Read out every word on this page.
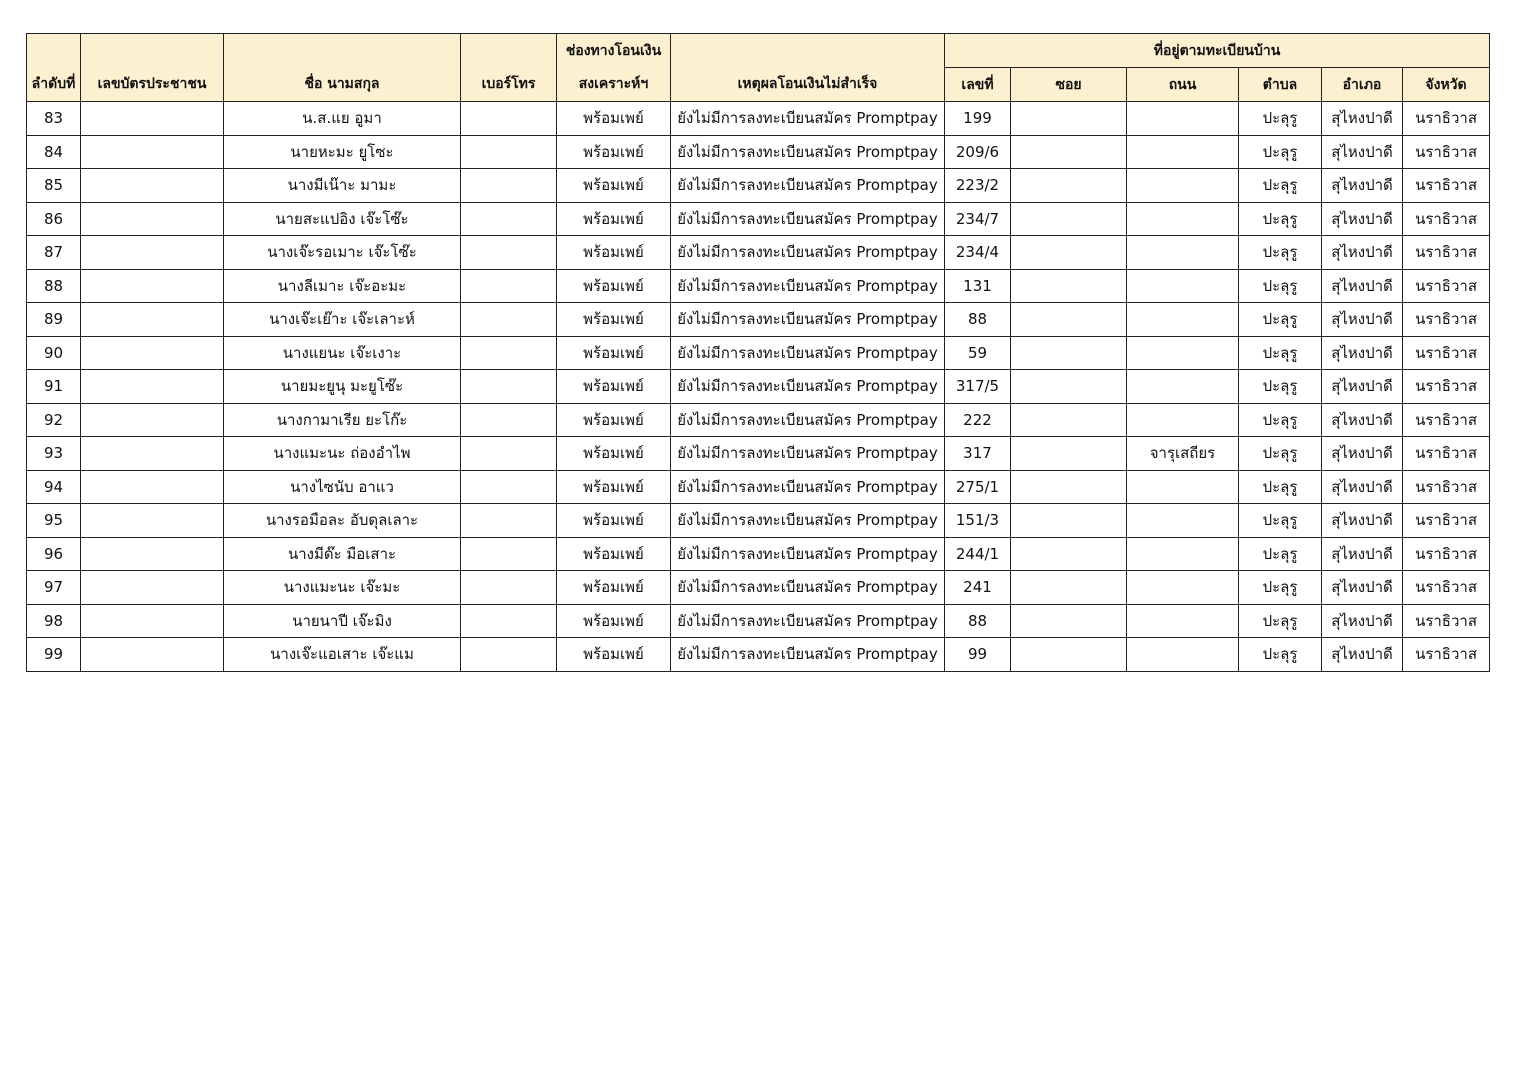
ลำดับที่	เลขบัตรประชาชน	ชื่อ นามสกุล	เบอร์โทร	ช่องทางโอนเงิน
สงเคราะห์ฯ	เหตุผลโอนเงินไม่สำเร็จ	ที่อยู่ตามทะเบียนบ้าน					
						เลขที่	ซอย	ถนน	ตำบล	อำเภอ	จังหวัด
83		น.ส.แย อูมา		พร้อมเพย์	ยังไม่มีการลงทะเบียนสมัคร Promptpay	199			ปะลุรู	สุไหงปาดี	นราธิวาส
84		นายหะมะ ยูโซะ		พร้อมเพย์	ยังไม่มีการลงทะเบียนสมัคร Promptpay	209/6			ปะลุรู	สุไหงปาดี	นราธิวาส
85		นางมีเน๊าะ มามะ		พร้อมเพย์	ยังไม่มีการลงทะเบียนสมัคร Promptpay	223/2			ปะลุรู	สุไหงปาดี	นราธิวาส
86		นายสะแปอิง เจ๊ะโซ๊ะ		พร้อมเพย์	ยังไม่มีการลงทะเบียนสมัคร Promptpay	234/7			ปะลุรู	สุไหงปาดี	นราธิวาส
87		นางเจ๊ะรอเมาะ เจ๊ะโซ๊ะ		พร้อมเพย์	ยังไม่มีการลงทะเบียนสมัคร Promptpay	234/4			ปะลุรู	สุไหงปาดี	นราธิวาส
88		นางลีเมาะ เจ๊ะอะมะ		พร้อมเพย์	ยังไม่มีการลงทะเบียนสมัคร Promptpay	131			ปะลุรู	สุไหงปาดี	นราธิวาส
89		นางเจ๊ะเย๊าะ เจ๊ะเลาะห์		พร้อมเพย์	ยังไม่มีการลงทะเบียนสมัคร Promptpay	88			ปะลุรู	สุไหงปาดี	นราธิวาส
90		นางแยนะ เจ๊ะเงาะ		พร้อมเพย์	ยังไม่มีการลงทะเบียนสมัคร Promptpay	59			ปะลุรู	สุไหงปาดี	นราธิวาส
91		นายมะยูนุ มะยูโซ๊ะ		พร้อมเพย์	ยังไม่มีการลงทะเบียนสมัคร Promptpay	317/5			ปะลุรู	สุไหงปาดี	นราธิวาส
92		นางกามาเรีย ยะโก๊ะ		พร้อมเพย์	ยังไม่มีการลงทะเบียนสมัคร Promptpay	222			ปะลุรู	สุไหงปาดี	นราธิวาส
93		นางแมะนะ ถ่องอำไพ		พร้อมเพย์	ยังไม่มีการลงทะเบียนสมัคร Promptpay	317		จารุเสถียร	ปะลุรู	สุไหงปาดี	นราธิวาส
94		นางไซนับ อาแว		พร้อมเพย์	ยังไม่มีการลงทะเบียนสมัคร Promptpay	275/1			ปะลุรู	สุไหงปาดี	นราธิวาส
95		นางรอมือละ อับดุลเลาะ		พร้อมเพย์	ยังไม่มีการลงทะเบียนสมัคร Promptpay	151/3			ปะลุรู	สุไหงปาดี	นราธิวาส
96		นางมีด๊ะ มือเสาะ		พร้อมเพย์	ยังไม่มีการลงทะเบียนสมัคร Promptpay	244/1			ปะลุรู	สุไหงปาดี	นราธิวาส
97		นางแมะนะ เจ๊ะมะ		พร้อมเพย์	ยังไม่มีการลงทะเบียนสมัคร Promptpay	241			ปะลุรู	สุไหงปาดี	นราธิวาส
98		นายนาปี เจ๊ะมิง		พร้อมเพย์	ยังไม่มีการลงทะเบียนสมัคร Promptpay	88			ปะลุรู	สุไหงปาดี	นราธิวาส
99		นางเจ๊ะแอเสาะ เจ๊ะแม		พร้อมเพย์	ยังไม่มีการลงทะเบียนสมัคร Promptpay	99			ปะลุรู	สุไหงปาดี	นราธิวาส
